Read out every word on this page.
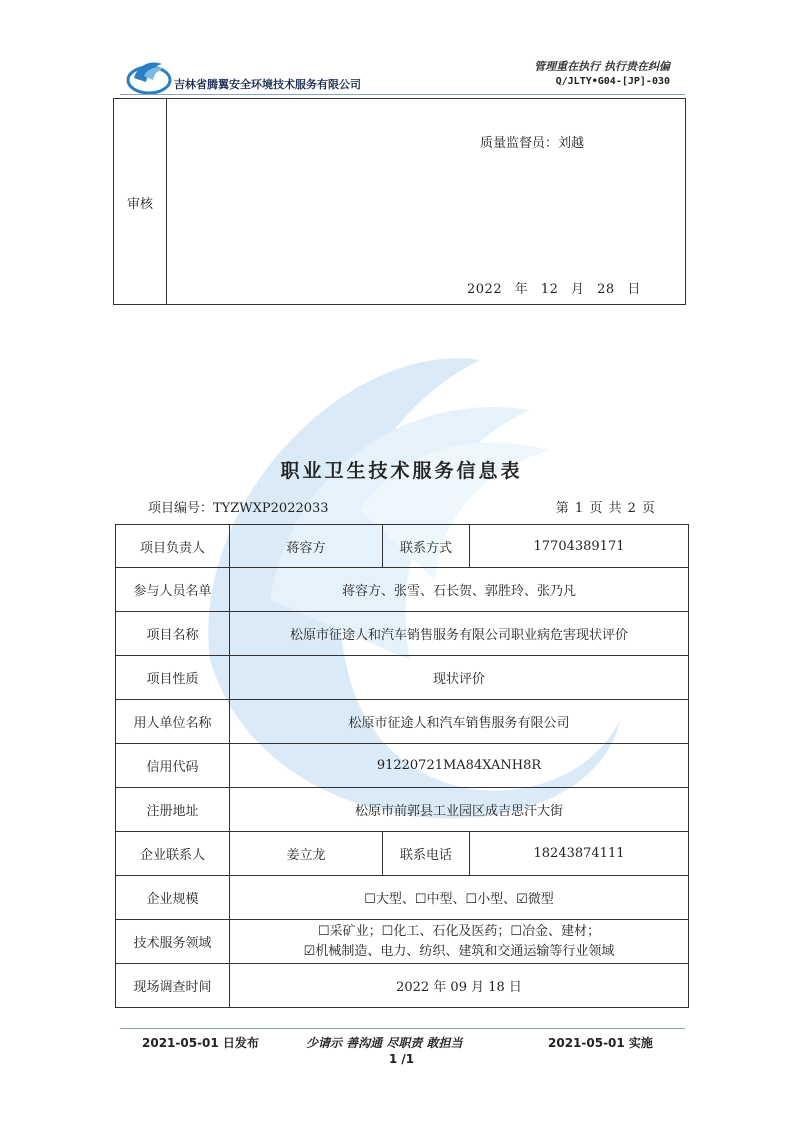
吉林省腾翼安全环境技术服务有限公司
管理重在执行 执行贵在纠偏
Q/JLTY•G04-[JP]-030
审核
质量监督员：刘越
2022 年 12 月 28 日
职业卫生技术服务信息表
项目编号：TYZWXP2022033	第 1 页 共 2 页
项目负责人	蒋容方	联系方式	17704389171
参与人员名单	蒋容方、张雪、石长贺、郭胜玲、张乃凡		
项目名称	松原市征途人和汽车销售服务有限公司职业病危害现状评价		
项目性质	现状评价		
用人单位名称	松原市征途人和汽车销售服务有限公司		
信用代码	91220721MA84XANH8R		
注册地址	松原市前郭县工业园区成吉思汗大街		
企业联系人	姜立龙	联系电话	18243874111
企业规模	☐大型、☐中型、☐小型、☑微型		
技术服务领域	☐采矿业；☐化工、石化及医药；☐冶金、建材；
☑机械制造、电力、纺织、建筑和交通运输等行业领域		

现场调查时间	2022 年 09 月 18 日		
2021-05-01 日发布	少请示 善沟通 尽职责 敢担当	2021-05-01 实施
1 /1
